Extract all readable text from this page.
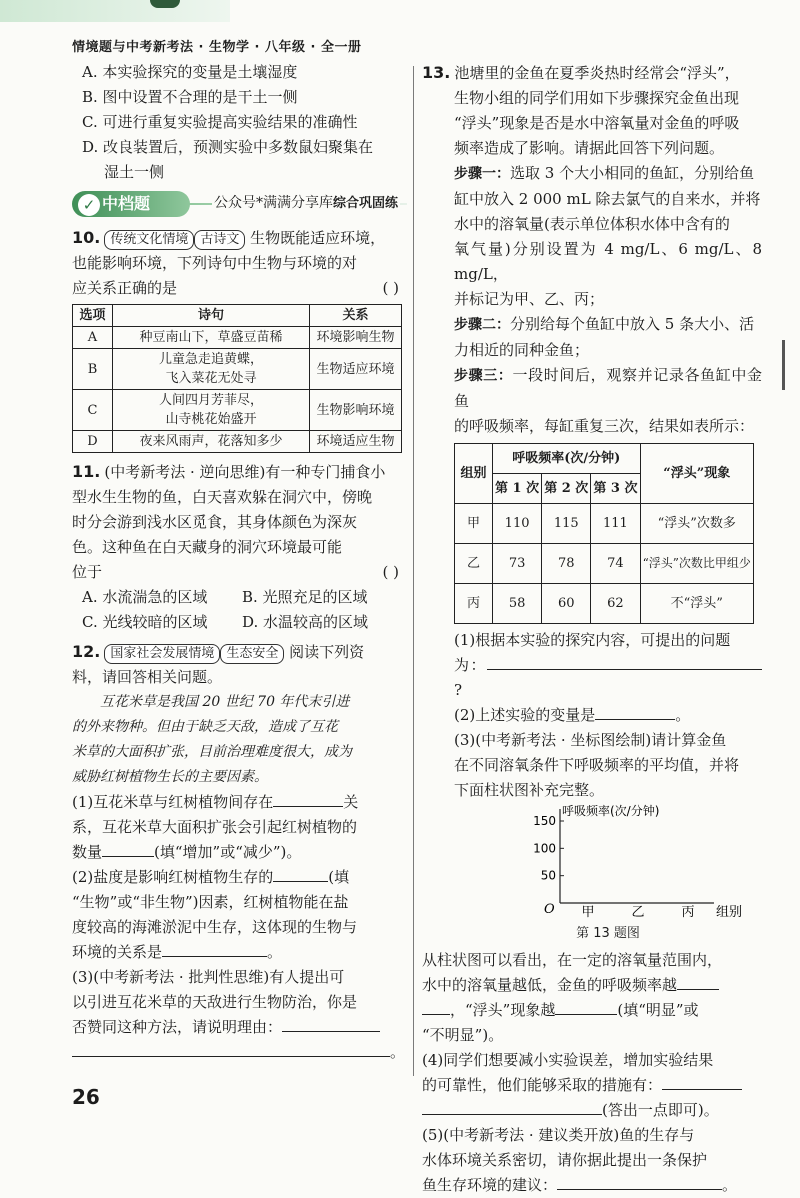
情境题与中考新考法 · 生物学 · 八年级 · 全一册
A. 本实验探究的变量是土壤湿度
B. 图中设置不合理的是干土一侧
C. 可进行重复实验提高实验结果的准确性
D. 改良装置后，预测实验中多数鼠妇聚集在
湿土一侧
✓ 中档题	公众号*满满分享库综合巩固练
10. 传统文化情境 古诗文 生物既能适应环境，
也能影响环境，下列诗句中生物与环境的对
应关系正确的是	( )
选项	诗句	关系
A	种豆南山下，草盛豆苗稀	环境影响生物
B	儿童急走追黄蝶，
飞入菜花无处寻	生物适应环境
C	人间四月芳菲尽，
山寺桃花始盛开	生物影响环境
D	夜来风雨声，花落知多少	环境适应生物
11. (中考新考法 · 逆向思维)有一种专门捕食小
型水生生物的鱼，白天喜欢躲在洞穴中，傍晚
时分会游到浅水区觅食，其身体颜色为深灰
色。这种鱼在白天藏身的洞穴环境最可能
位于	( )
A. 水流湍急的区域 B. 光照充足的区域
C. 光线较暗的区域 D. 水温较高的区域
12. 国家社会发展情境 生态安全 阅读下列资
料，请回答相关问题。
互花米草是我国 20 世纪 70 年代末引进
的外来物种。但由于缺乏天敌，造成了互花
米草的大面积扩张，目前治理难度很大，成为
威胁红树植物生长的主要因素。
(1)互花米草与红树植物间存在	关
系，互花米草大面积扩张会引起红树植物的
数量	(填“增加”或“减少”)。
(2)盐度是影响红树植物生存的	(填
“生物”或“非生物”)因素，红树植物能在盐
度较高的海滩淤泥中生存，这体现的生物与
环境的关系是	。
(3)(中考新考法 · 批判性思维)有人提出可
以引进互花米草的天敌进行生物防治，你是
否赞同这种方法，请说明理由：
。
13. 池塘里的金鱼在夏季炎热时经常会“浮头”，
生物小组的同学们用如下步骤探究金鱼出现
“浮头”现象是否是水中溶氧量对金鱼的呼吸
频率造成了影响。请据此回答下列问题。
步骤一：选取 3 个大小相同的鱼缸，分别给鱼
缸中放入 2 000 mL 除去氯气的自来水，并将
水中的溶氧量(表示单位体积水体中含有的
氧气量)分别设置为 4 mg/L、6 mg/L、8 mg/L，
并标记为甲、乙、丙；
步骤二：分别给每个鱼缸中放入 5 条大小、活
力相近的同种金鱼；
步骤三：一段时间后，观察并记录各鱼缸中金鱼
的呼吸频率，每缸重复三次，结果如表所示：
组别	呼吸频率(次/分钟)			“浮头”现象
	第 1 次	第 2 次	第 3 次	
甲	110	115	111	“浮头”次数多
乙	73	78	74	“浮头”次数比甲组少
丙	58	60	62	不“浮头”
(1)根据本实验的探究内容，可提出的问题
为：?
(2)上述实验的变量是	。
(3)(中考新考法 · 坐标图绘制)请计算金鱼
在不同溶氧条件下呼吸频率的平均值，并将
下面柱状图补充完整。
呼吸频率(次/分钟)
组别
O
50
100
150
甲	乙	丙
第 13 题图
从柱状图可以看出，在一定的溶氧量范围内，
水中的溶氧量越低，金鱼的呼吸频率越
，“浮头”现象越	(填“明显”或
“不明显”)。
(4)同学们想要减小实验误差，增加实验结果
的可靠性，他们能够采取的措施有：
(答出一点即可)。
(5)(中考新考法 · 建议类开放)鱼的生存与
水体环境关系密切，请你据此提出一条保护
鱼生存环境的建议：	。
26
